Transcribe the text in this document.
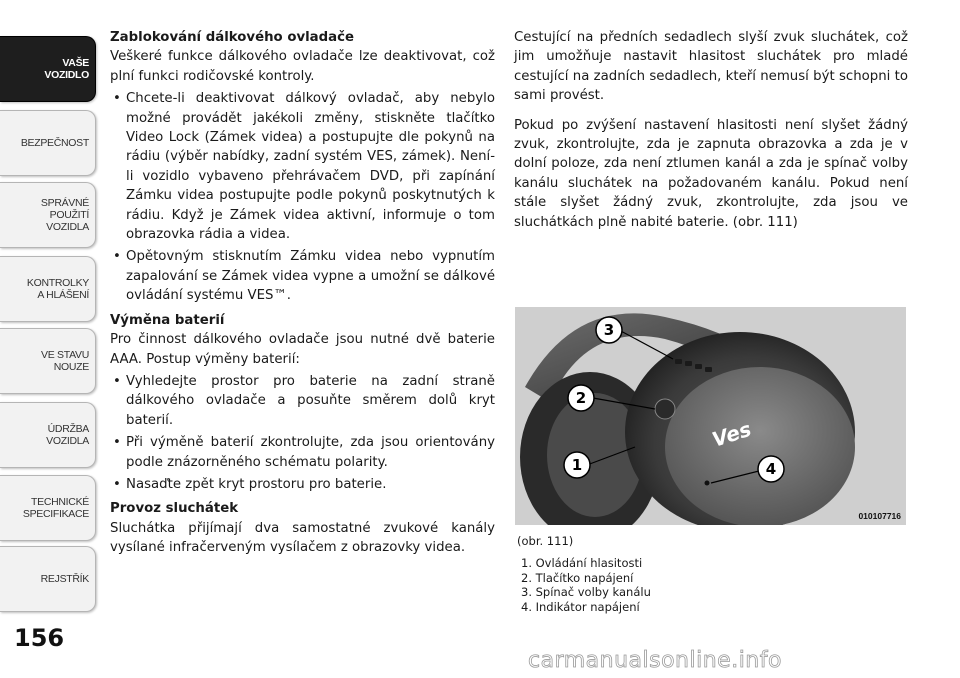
VAŠE
VOZIDLO
BEZPEČNOST
SPRÁVNÉ
POUŽITÍ
VOZIDLA
KONTROLKY
A HLÁŠENÍ
VE STAVU
NOUZE
ÚDRŽBA
VOZIDLA
TECHNICKÉ
SPECIFIKACE
REJSTŘÍK
156

Zablokování dálkového ovladače

Veškeré funkce dálkového ovladače lze deaktivovat, což plní funkci rodičovské kontroly.

• Chcete-li deaktivovat dálkový ovladač, aby nebylo možné provádět jakékoli změny, stiskněte tlačítko Video Lock (Zámek videa) a postupujte dle pokynů na rádiu (výběr nabídky, zadní systém VES, zámek). Není-li vozidlo vybaveno přehrávačem DVD, při zapínání Zámku videa postupujte podle pokynů poskytnutých k rádiu. Když je Zámek videa aktivní, informuje o tom obrazovka rádia a videa.
• Opětovným stisknutím Zámku videa nebo vypnutím zapalování se Zámek videa vypne a umožní se dálkové ovládání systému VES™.

Výměna baterií

Pro činnost dálkového ovladače jsou nutné dvě baterie AAA. Postup výměny baterií:

• Vyhledejte prostor pro baterie na zadní straně dálkového ovladače a posuňte směrem dolů kryt baterií.
• Při výměně baterií zkontrolujte, zda jsou orientovány podle znázorněného schématu polarity.
• Nasaďte zpět kryt prostoru pro baterie.

Provoz sluchátek

Sluchátka přijímají dva samostatné zvukové kanály vysílané infračerveným vysílačem z obrazovky videa.

Cestující na předních sedadlech slyší zvuk sluchátek, což jim umožňuje nastavit hlasitost sluchátek pro mladé cestující na zadních sedadlech, kteří nemusí být schopni to sami provést.

Pokud po zvýšení nastavení hlasitosti není slyšet žádný zvuk, zkontrolujte, zda je zapnuta obrazovka a zda je v dolní poloze, zda není ztlumen kanál a zda je spínač volby kanálu sluchátek na požadovaném kanálu. Pokud není stále slyšet žádný zvuk, zkontrolujte, zda jsou ve sluchátkách plně nabité baterie. (obr. 111)

Ves
3
2
1	4
010107716
(obr. 111)
1. Ovládání hlasitosti
2. Tlačítko napájení
3. Spínač volby kanálu
4. Indikátor napájení
carmanualsonline.info
